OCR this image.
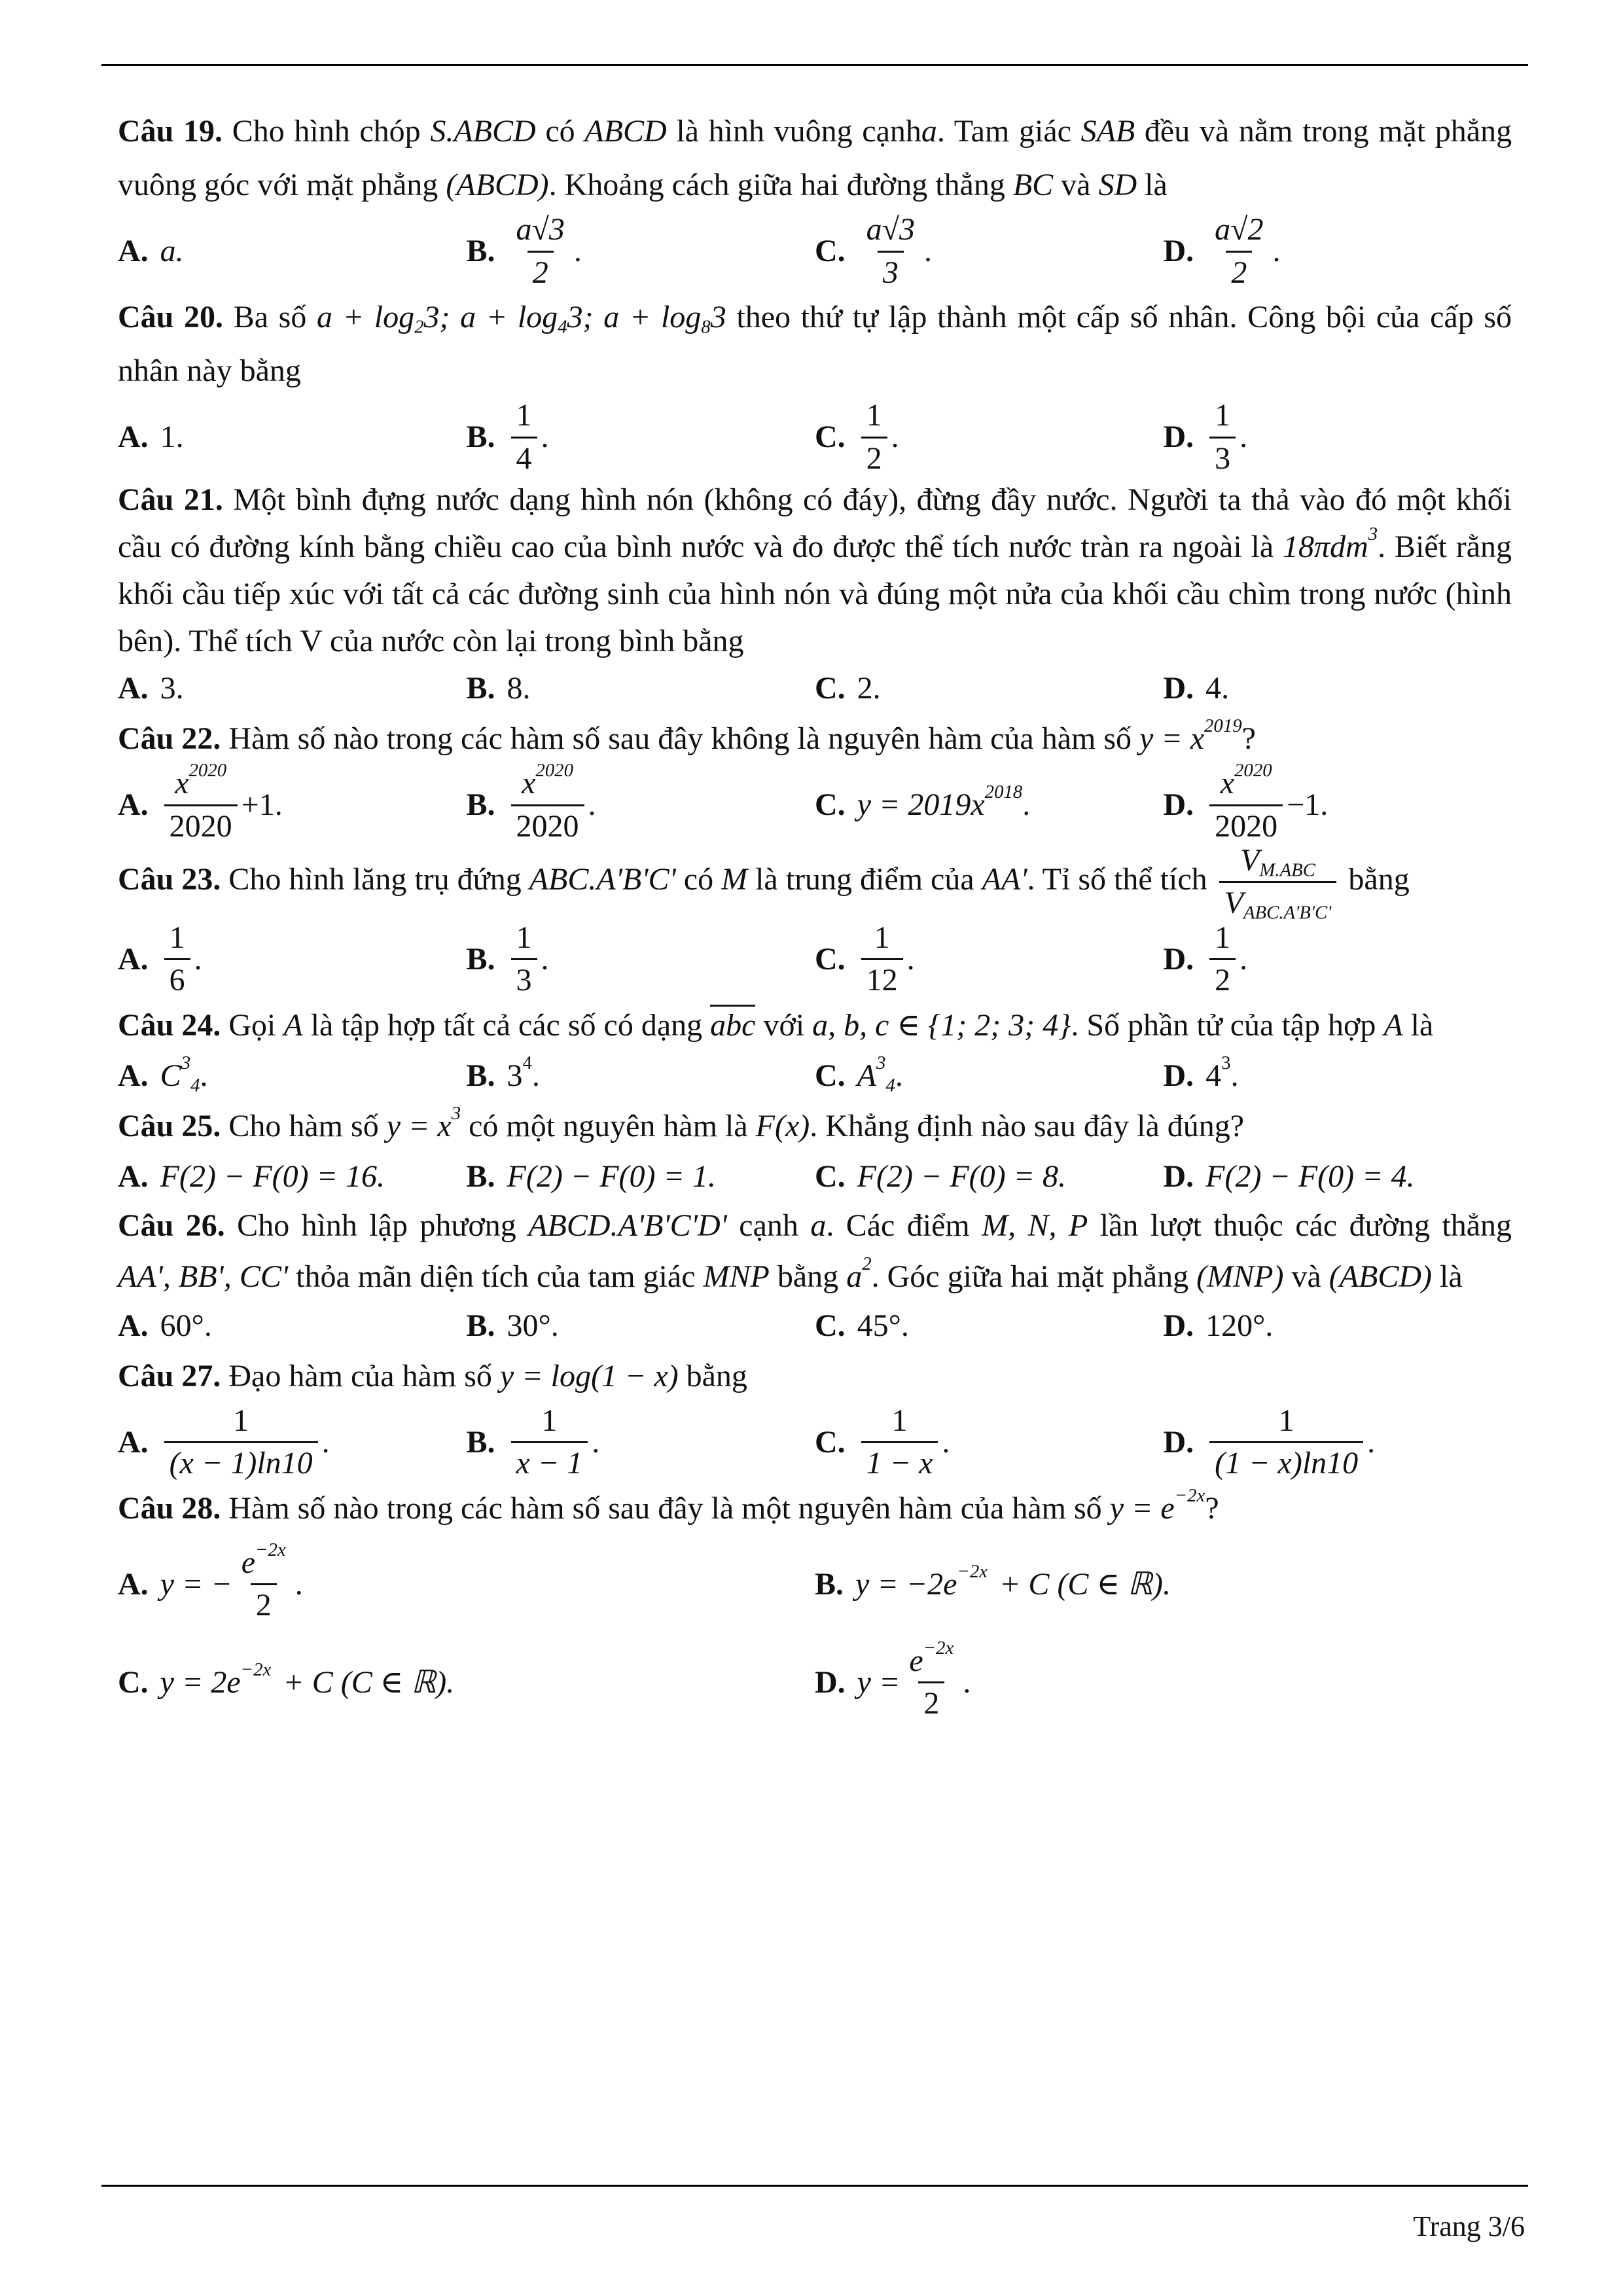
Câu 19. Cho hình chóp S.ABCD có ABCD là hình vuông cạnha. Tam giác SAB đều và nằm trong mặt phẳng vuông góc với mặt phẳng (ABCD). Khoảng cách giữa hai đường thẳng BC và SD là
A. a.	B. $\frac{a√3}{2}$ .	C. $\frac{a√3}{3}$ .	D. $\frac{a√2}{2}$ .
Câu 20. Ba số $a + \log_23$; $a + \log_43$; $a + \log_83$ theo thứ tự lập thành một cấp số nhân. Công bội của cấp số nhân này bằng
A. 1.	B. $\frac{1}{4}$ .	C. $\frac{1}{2}$ .	D. $\frac{1}{3}$ .
Câu 21. Một bình đựng nước dạng hình nón (không có đáy), đừng đầy nước. Người ta thả vào đó một khối cầu có đường kính bằng chiều cao của bình nước và đo được thể tích nước tràn ra ngoài là 18πdm$^3$. Biết rằng khối cầu tiếp xúc với tất cả các đường sinh của hình nón và đúng một nửa của khối cầu chìm trong nước (hình bên). Thể tích V của nước còn lại trong bình bằng
A. 3.	B. 8.	C. 2.	D. 4.
Câu 22. Hàm số nào trong các hàm số sau đây không là nguyên hàm của hàm số $y = x^{2019}$?
A. $\frac{x^{2020}}{2020} +1$.	B. $\frac{x^{2020}}{2020}$ .	C. $y = 2019x^{2018}$ .	D. $\frac{x^{2020}}{2020} -1$.
Câu 23. Cho hình lăng trụ đứng ABC.A'B'C' có M là trung điểm của AA'. Tỉ số thể tích $\frac{V_{M.ABC}}{V_{ABC.A'B'C'}}$ bằng
A. $\frac{1}{6}$ .	B. $\frac{1}{3}$ .	C. $\frac{1}{12}$ .	D. $\frac{1}{2}$ .
Câu 24. Gọi A là tập hợp tất cả các số có dạng abc với a, b, c ∈ {1; 2; 3; 4}. Số phần tử của tập hợp A là
A. $C^3_4$ .	B. $3^4$ .	C. $A^3_4$ .	D. $4^3$ .
Câu 25. Cho hàm số $y = x^3$ có một nguyên hàm là F(x). Khẳng định nào sau đây là đúng?
A. F(2) − F(0) = 16.	B. F(2) − F(0) = 1.	C. F(2) − F(0) = 8.	D. F(2) − F(0) = 4.
Câu 26. Cho hình lập phương ABCD.A'B'C'D' cạnh a. Các điểm M, N, P lần lượt thuộc các đường thẳng AA', BB', CC' thỏa mãn diện tích của tam giác MNP bằng $a^2$. Góc giữa hai mặt phẳng (MNP) và (ABCD) là
A. 60°.	B. 30°.	C. 45°.	D. 120°.
Câu 27. Đạo hàm của hàm số y = log(1 − x) bằng
A. $\frac{1}{(x - 1)\ln 10}$ .	B. $\frac{1}{x - 1}$ .	C. $\frac{1}{1 - x}$ .	D. $\frac{1}{(1 - x)\ln 10}$ .
Câu 28. Hàm số nào trong các hàm số sau đây là một nguyên hàm của hàm số $y = e^{-2x}$?
A. y = − $\frac{e^{-2x}}{2}$ .	B. $y = -2e^{-2x} + C$ (C ∈ ℝ).
C. $y = 2e^{-2x} + C$ (C ∈ ℝ).	D. $y = \frac{e^{-2x}}{2}$ .
Trang 3/6
